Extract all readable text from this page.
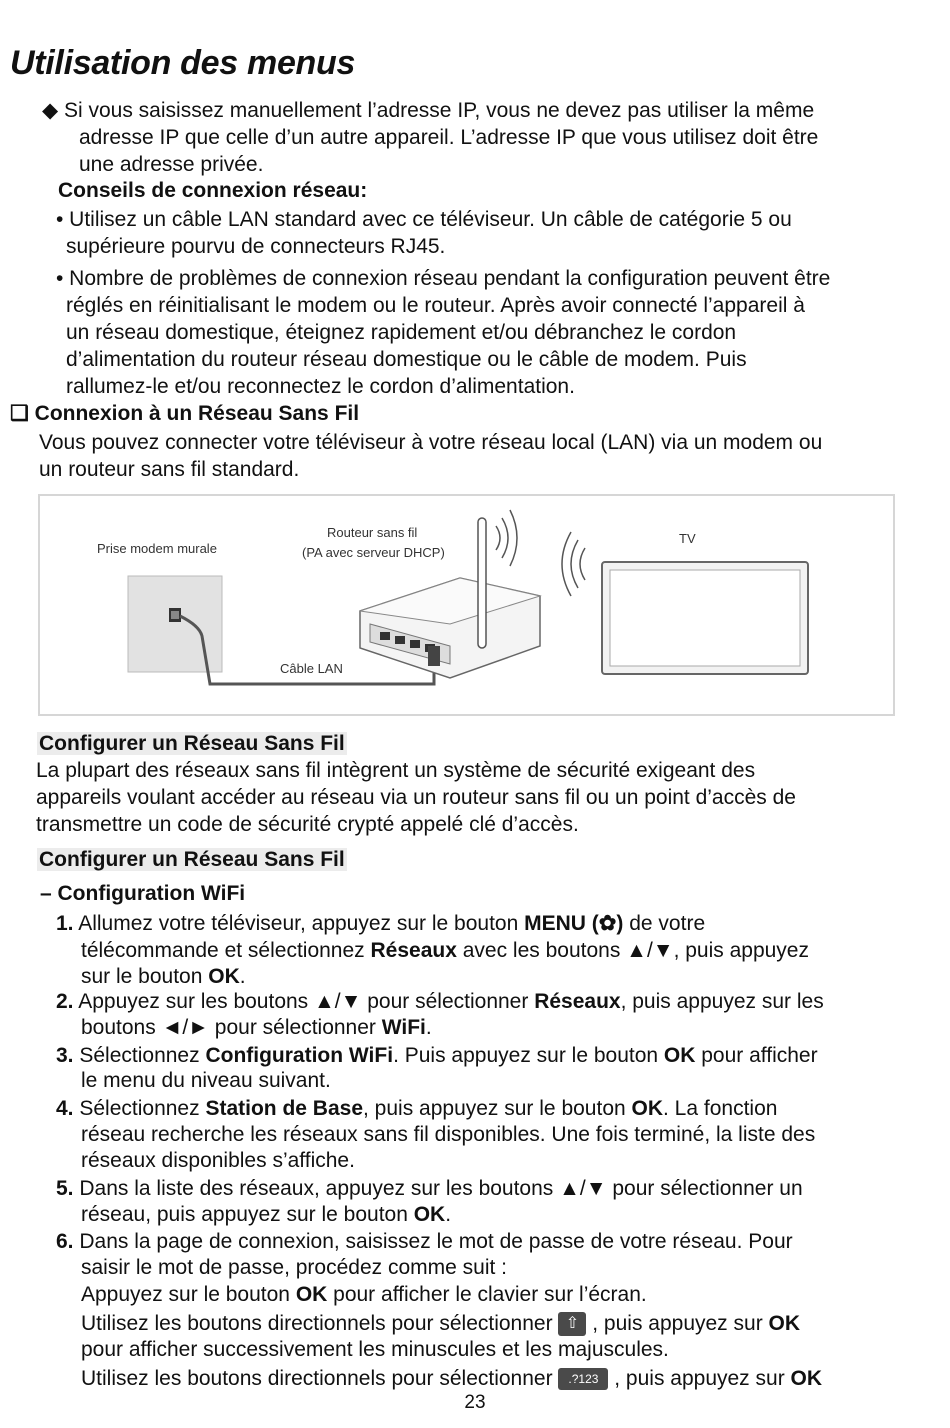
Utilisation des menus
◆ Si vous saisissez manuellement l’adresse IP, vous ne devez pas utiliser la même
adresse IP que celle d’un autre appareil. L’adresse IP que vous utilisez doit être
une adresse privée.
Conseils de connexion réseau:
• Utilisez un câble LAN standard avec ce téléviseur. Un câble de catégorie 5 ou
supérieure pourvu de connecteurs RJ45.
• Nombre de problèmes de connexion réseau pendant la configuration peuvent être
réglés en réinitialisant le modem ou le routeur. Après avoir connecté l’appareil à
un réseau domestique, éteignez rapidement et/ou débranchez le cordon
d’alimentation du routeur réseau domestique ou le câble de modem. Puis
rallumez-le et/ou reconnectez le cordon d’alimentation.
❑ Connexion à un Réseau Sans Fil
Vous pouvez connecter votre téléviseur à votre réseau local (LAN) via un modem ou
un routeur sans fil standard.
Prise modem murale
Routeur sans fil
(PA avec serveur DHCP)
TV
Câble LAN
Configurer un Réseau Sans Fil
La plupart des réseaux sans fil intègrent un système de sécurité exigeant des
appareils voulant accéder au réseau via un routeur sans fil ou un point d’accès de
transmettre un code de sécurité crypté appelé clé d’accès.
Configurer un Réseau Sans Fil
– Configuration WiFi
1. Allumez votre téléviseur, appuyez sur le bouton MENU (✿) de votre
télécommande et sélectionnez Réseaux avec les boutons ▲/▼, puis appuyez
sur le bouton OK.
2. Appuyez sur les boutons ▲/▼ pour sélectionner Réseaux, puis appuyez sur les
boutons ◄/► pour sélectionner WiFi.
3. Sélectionnez Configuration WiFi. Puis appuyez sur le bouton OK pour afficher
le menu du niveau suivant.
4. Sélectionnez Station de Base, puis appuyez sur le bouton OK. La fonction
réseau recherche les réseaux sans fil disponibles. Une fois terminé, la liste des
réseaux disponibles s’affiche.
5. Dans la liste des réseaux, appuyez sur les boutons ▲/▼ pour sélectionner un
réseau, puis appuyez sur le bouton OK.
6. Dans la page de connexion, saisissez le mot de passe de votre réseau. Pour
saisir le mot de passe, procédez comme suit :
Appuyez sur le bouton OK pour afficher le clavier sur l’écran.
Utilisez les boutons directionnels pour sélectionner ⇧ , puis appuyez sur OK
pour afficher successivement les minuscules et les majuscules.
Utilisez les boutons directionnels pour sélectionner .?123 , puis appuyez sur OK
23
